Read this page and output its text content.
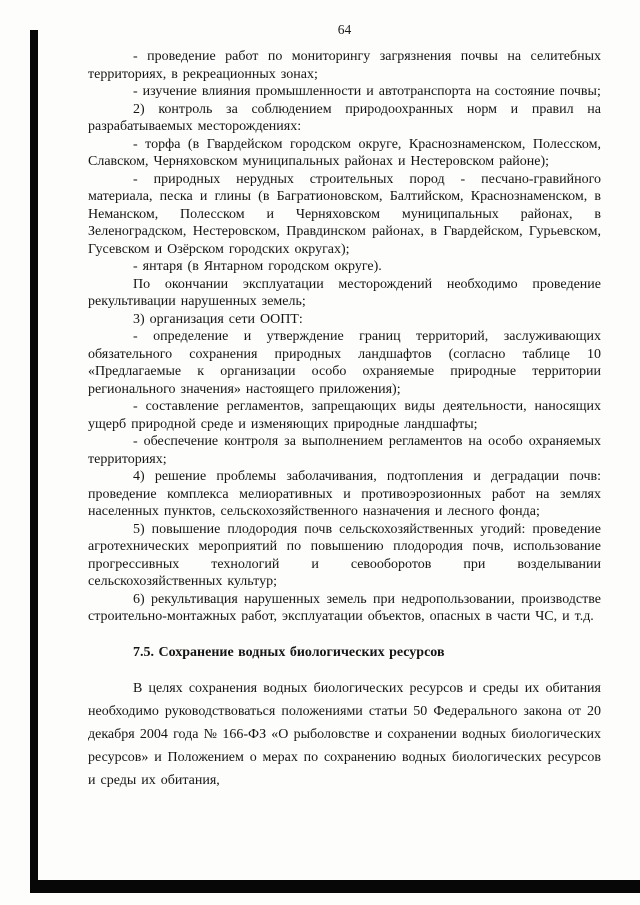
64

- проведение работ по мониторингу загрязнения почвы на селитебных территориях, в рекреационных зонах;

- изучение влияния промышленности и автотранспорта на состояние почвы;

2) контроль за соблюдением природоохранных норм и правил на разрабатываемых месторождениях:

- торфа (в Гвардейском городском округе, Краснознаменском, Полесском, Славском, Черняховском муниципальных районах и Нестеровском районе);

- природных нерудных строительных пород - песчано-гравийного материала, песка и глины (в Багратионовском, Балтийском, Краснознаменском, в Неманском, Полесском и Черняховском муниципальных районах, в Зеленоградском, Нестеровском, Правдинском районах, в Гвардейском, Гурьевском, Гусевском и Озёрском городских округах);

- янтаря (в Янтарном городском округе).

По окончании эксплуатации месторождений необходимо проведение рекультивации нарушенных земель;

3) организация сети ООПТ:

- определение и утверждение границ территорий, заслуживающих обязательного сохранения природных ландшафтов (согласно таблице 10 «Предлагаемые к организации особо охраняемые природные территории регионального значения» настоящего приложения);

- составление регламентов, запрещающих виды деятельности, наносящих ущерб природной среде и изменяющих природные ландшафты;

- обеспечение контроля за выполнением регламентов на особо охраняемых территориях;

4) решение проблемы заболачивания, подтопления и деградации почв: проведение комплекса мелиоративных и противоэрозионных работ на землях населенных пунктов, сельскохозяйственного назначения и лесного фонда;

5) повышение плодородия почв сельскохозяйственных угодий: проведение агротехнических мероприятий по повышению плодородия почв, использование прогрессивных технологий и севооборотов при возделывании сельскохозяйственных культур;

6) рекультивация нарушенных земель при недропользовании, производстве строительно-монтажных работ, эксплуатации объектов, опасных в части ЧС, и т.д.

7.5. Сохранение водных биологических ресурсов

В целях сохранения водных биологических ресурсов и среды их обитания необходимо руководствоваться положениями статьи 50 Федерального закона от 20 декабря 2004 года № 166-ФЗ «О рыболовстве и сохранении водных биологических ресурсов» и Положением о мерах по сохранению водных биологических ресурсов и среды их обитания,
